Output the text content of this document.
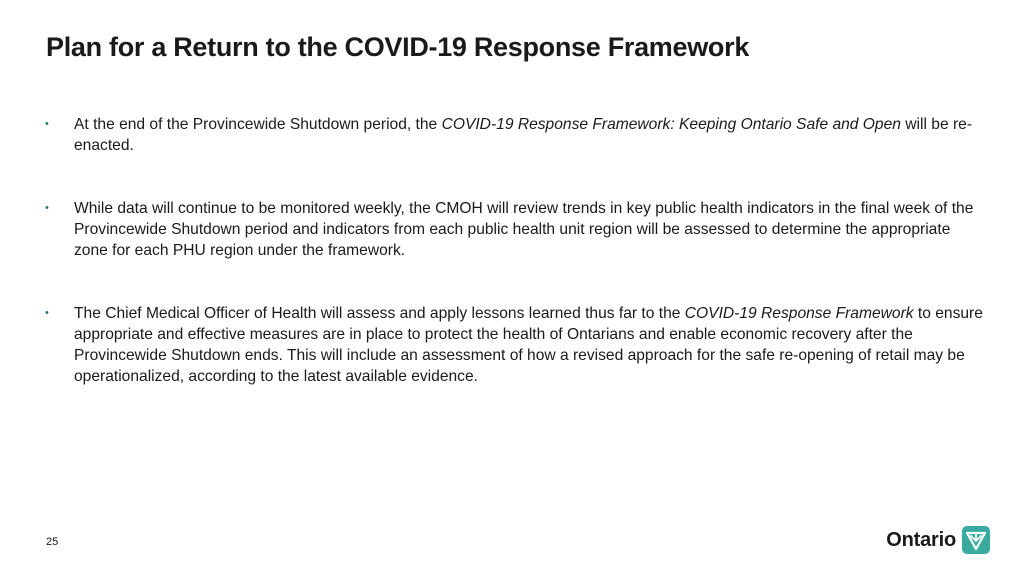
Plan for a Return to the COVID-19 Response Framework
• At the end of the Provincewide Shutdown period, the COVID-19 Response Framework: Keeping Ontario Safe and Open will be re-enacted.
• While data will continue to be monitored weekly, the CMOH will review trends in key public health indicators in the final week of the Provincewide Shutdown period and indicators from each public health unit region will be assessed to determine the appropriate zone for each PHU region under the framework.
• The Chief Medical Officer of Health will assess and apply lessons learned thus far to the COVID-19 Response Framework to ensure appropriate and effective measures are in place to protect the health of Ontarians and enable economic recovery after the Provincewide Shutdown ends. This will include an assessment of how a revised approach for the safe re-opening of retail may be operationalized, according to the latest available evidence.
25	Ontario
